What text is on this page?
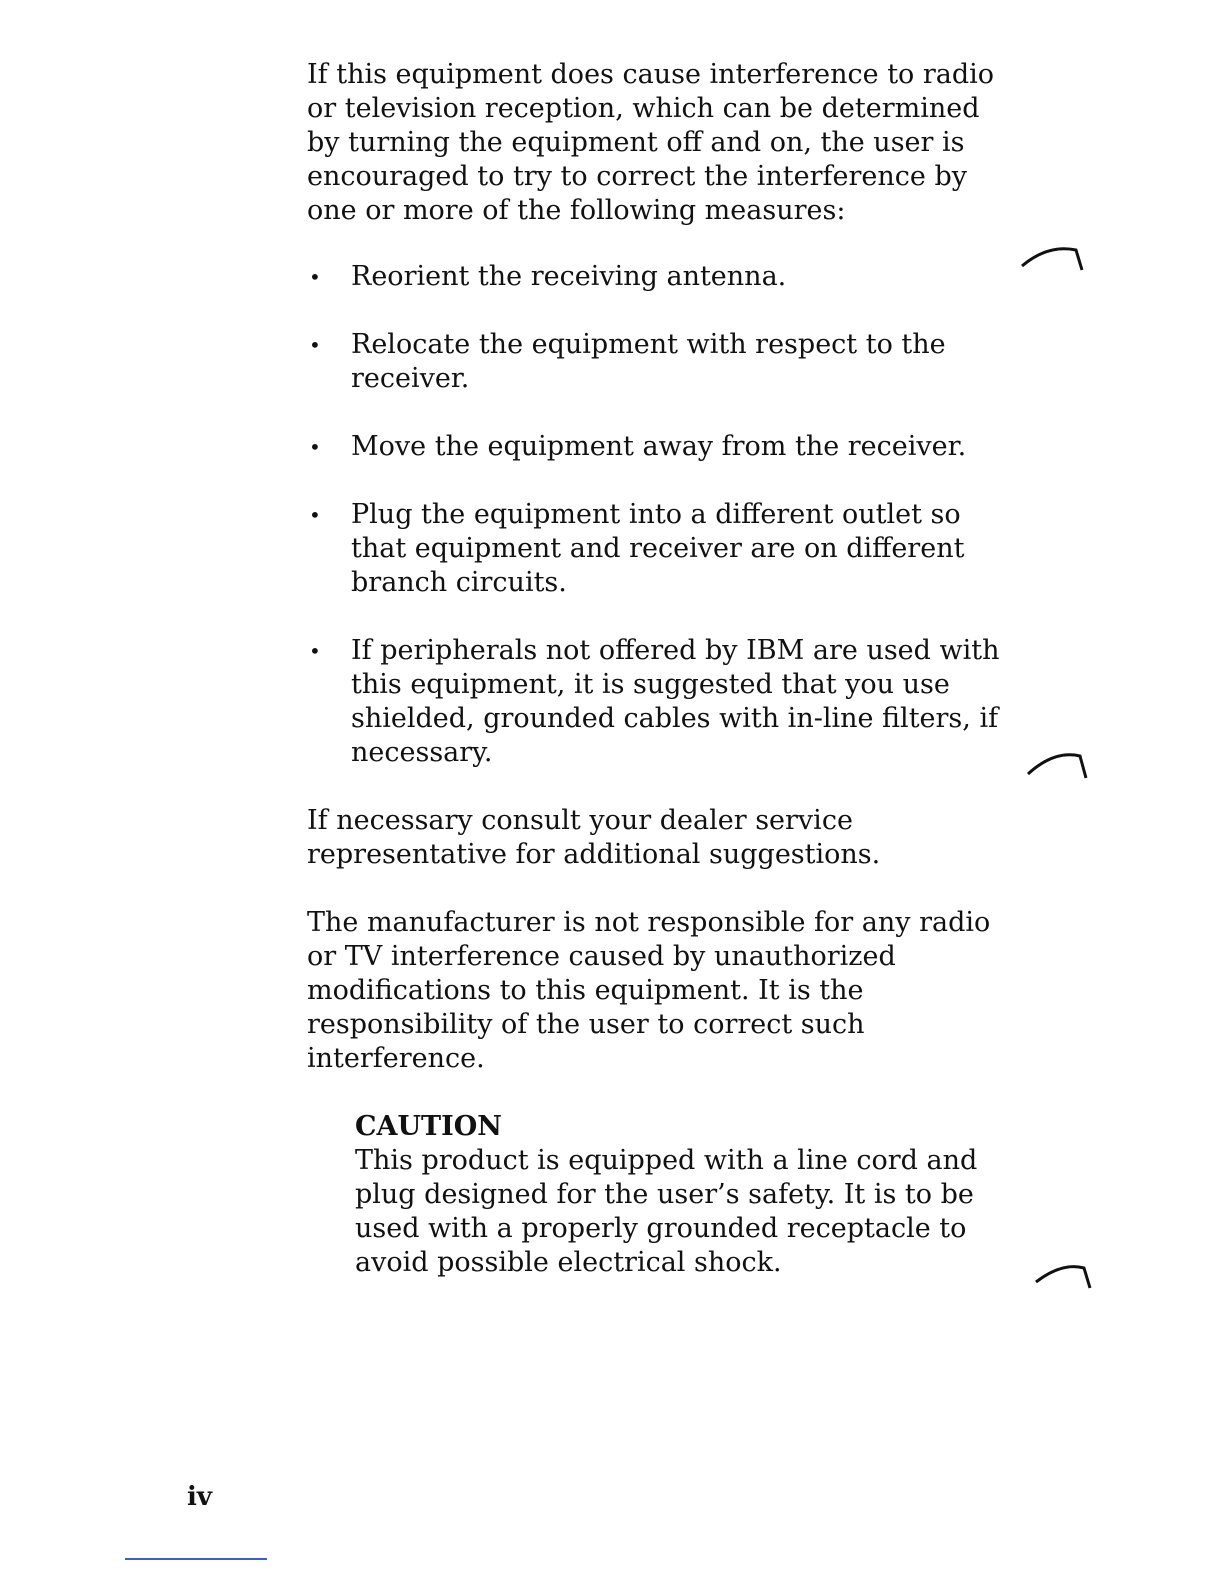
If this equipment does cause interference to radio or television reception, which can be determined by turning the equipment off and on, the user is encouraged to try to correct the interference by one or more of the following measures:

• Reorient the receiving antenna.
• Relocate the equipment with respect to the receiver.
• Move the equipment away from the receiver.
• Plug the equipment into a different outlet so that equipment and receiver are on different branch circuits.
• If peripherals not offered by IBM are used with this equipment, it is suggested that you use shielded, grounded cables with in-line filters, if necessary.

If necessary consult your dealer service representative for additional suggestions.

The manufacturer is not responsible for any radio or TV interference caused by unauthorized modifications to this equipment. It is the responsibility of the user to correct such interference.

CAUTION
This product is equipped with a line cord and plug designed for the user’s safety. It is to be used with a properly grounded receptacle to avoid possible electrical shock.
iv
